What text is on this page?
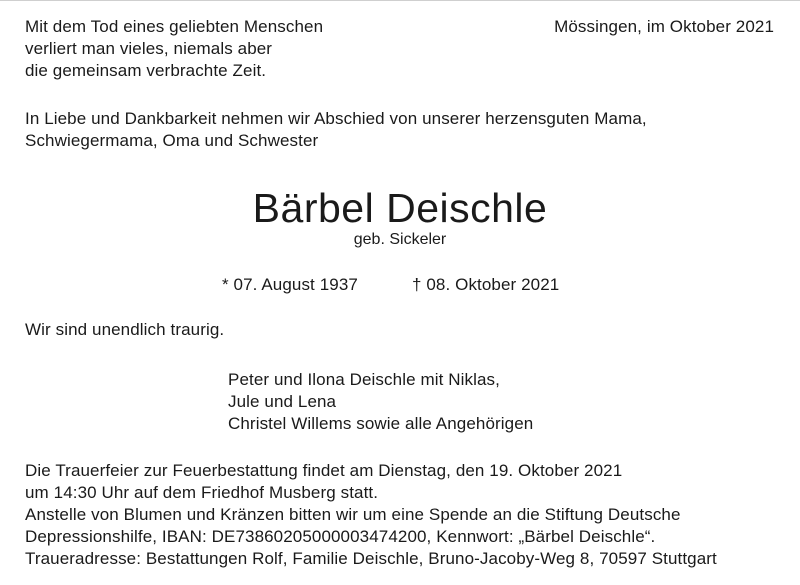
Mit dem Tod eines geliebten Menschen
verliert man vieles, niemals aber
die gemeinsam verbrachte Zeit.
Mössingen, im Oktober 2021
In Liebe und Dankbarkeit nehmen wir Abschied von unserer herzensguten Mama,
Schwiegermama, Oma und Schwester
Bärbel Deischle
geb. Sickeler
* 07. August 1937	† 08. Oktober 2021
Wir sind unendlich traurig.
Peter und Ilona Deischle mit Niklas,
Jule und Lena
Christel Willems sowie alle Angehörigen
Die Trauerfeier zur Feuerbestattung findet am Dienstag, den 19. Oktober 2021
um 14:30 Uhr auf dem Friedhof Musberg statt.
Anstelle von Blumen und Kränzen bitten wir um eine Spende an die Stiftung Deutsche
Depressionshilfe, IBAN: DE73860205000003474200, Kennwort: „Bärbel Deischle“.
Traueradresse: Bestattungen Rolf, Familie Deischle, Bruno-Jacoby-Weg 8, 70597 Stuttgart
